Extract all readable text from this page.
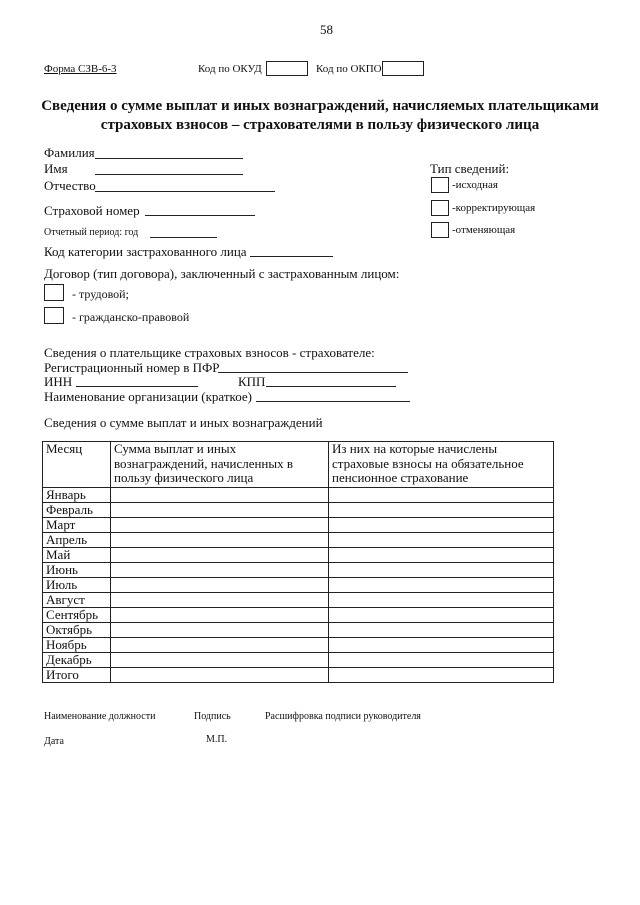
58
Форма СЗВ-6-3	Код по ОКУД	Код по ОКПО
Сведения о сумме выплат и иных вознаграждений, начисляемых плательщиками
страховых взносов – страхователями в пользу физического лица
Фамилия
Имя
Отчество
Страховой номер
Отчетный период: год
Код категории застрахованного лица
Тип сведений:
-исходная
-корректирующая
-отменяющая
Договор (тип договора), заключенный с застрахованным лицом:
- трудовой;
- гражданско-правовой
Сведения о плательщике страховых взносов - страхователе:
Регистрационный номер в ПФР
ИНН	КПП
Наименование организации (краткое)
Сведения о сумме выплат и иных вознаграждений
Месяц	Сумма выплат и иных вознаграждений, начисленных в пользу физического лица	Из них на которые начислены страховые взносы на обязательное пенсионное страхование
Январь		
Февраль		
Март		
Апрель		
Май		
Июнь		
Июль		
Август		
Сентябрь		
Октябрь		
Ноябрь		
Декабрь		
Итого		
Наименование должности	Подпись	Расшифровка подписи руководителя
Дата	М.П.
